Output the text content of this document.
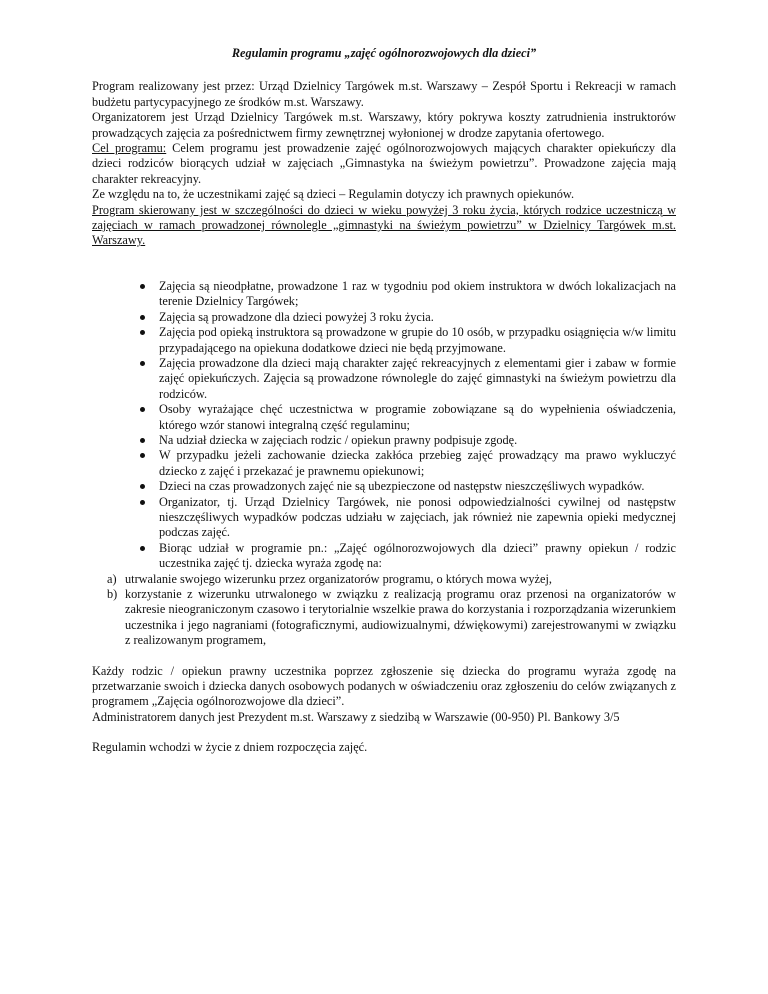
Regulamin programu „zajęć ogólnorozwojowych dla dzieci”

Program realizowany jest przez: Urząd Dzielnicy Targówek m.st. Warszawy – Zespół Sportu i Rekreacji w ramach budżetu partycypacyjnego ze środków m.st. Warszawy.

Organizatorem jest Urząd Dzielnicy Targówek m.st. Warszawy, który pokrywa koszty zatrudnienia instruktorów prowadzących zajęcia za pośrednictwem firmy zewnętrznej wyłonionej w drodze zapytania ofertowego.

Cel programu: Celem programu jest prowadzenie zajęć ogólnorozwojowych mających charakter opiekuńczy dla dzieci rodziców biorących udział w zajęciach „Gimnastyka na świeżym powietrzu”. Prowadzone zajęcia mają charakter rekreacyjny.

Ze względu na to, że uczestnikami zajęć są dzieci – Regulamin dotyczy ich prawnych opiekunów.

Program skierowany jest w szczególności do dzieci w wieku powyżej 3 roku życia, których rodzice uczestniczą w zajęciach w ramach prowadzonej równolegle „gimnastyki na świeżym powietrzu” w Dzielnicy Targówek m.st. Warszawy.

Zajęcia są nieodpłatne, prowadzone 1 raz w tygodniu pod okiem instruktora w dwóch lokalizacjach na terenie Dzielnicy Targówek;
Zajęcia są prowadzone dla dzieci powyżej 3 roku życia.
Zajęcia pod opieką instruktora są prowadzone w grupie do 10 osób, w przypadku osiągnięcia w/w limitu przypadającego na opiekuna dodatkowe dzieci nie będą przyjmowane.
Zajęcia prowadzone dla dzieci mają charakter zajęć rekreacyjnych z elementami gier i zabaw w formie zajęć opiekuńczych. Zajęcia są prowadzone równolegle do zajęć gimnastyki na świeżym powietrzu dla rodziców.
Osoby wyrażające chęć uczestnictwa w programie zobowiązane są do wypełnienia oświadczenia, którego wzór stanowi integralną część regulaminu;
Na udział dziecka w zajęciach rodzic / opiekun prawny podpisuje zgodę.
W przypadku jeżeli zachowanie dziecka zakłóca przebieg zajęć prowadzący ma prawo wykluczyć dziecko z zajęć i przekazać je prawnemu opiekunowi;
Dzieci na czas prowadzonych zajęć nie są ubezpieczone od następstw nieszczęśliwych wypadków.
Organizator, tj. Urząd Dzielnicy Targówek, nie ponosi odpowiedzialności cywilnej od następstw nieszczęśliwych wypadków podczas udziału w zajęciach, jak również nie zapewnia opieki medycznej podczas zajęć.
Biorąc udział w programie pn.: „Zajęć ogólnorozwojowych dla dzieci” prawny opiekun / rodzic uczestnika zajęć tj. dziecka wyraża zgodę na:
a) utrwalanie swojego wizerunku przez organizatorów programu, o których mowa wyżej,
b) korzystanie z wizerunku utrwalonego w związku z realizacją programu oraz przenosi na organizatorów w zakresie nieograniczonym czasowo i terytorialnie wszelkie prawa do korzystania i rozporządzania wizerunkiem uczestnika i jego nagraniami (fotograficznymi, audiowizualnymi, dźwiękowymi) zarejestrowanymi w związku z realizowanym programem,

Każdy rodzic / opiekun prawny uczestnika poprzez zgłoszenie się dziecka do programu wyraża zgodę na przetwarzanie swoich i dziecka danych osobowych podanych w oświadczeniu oraz zgłoszeniu do celów związanych z programem „Zajęcia ogólnorozwojowe dla dzieci”.

Administratorem danych jest Prezydent m.st. Warszawy z siedzibą w Warszawie (00-950) Pl. Bankowy 3/5

Regulamin wchodzi w życie z dniem rozpoczęcia zajęć.
